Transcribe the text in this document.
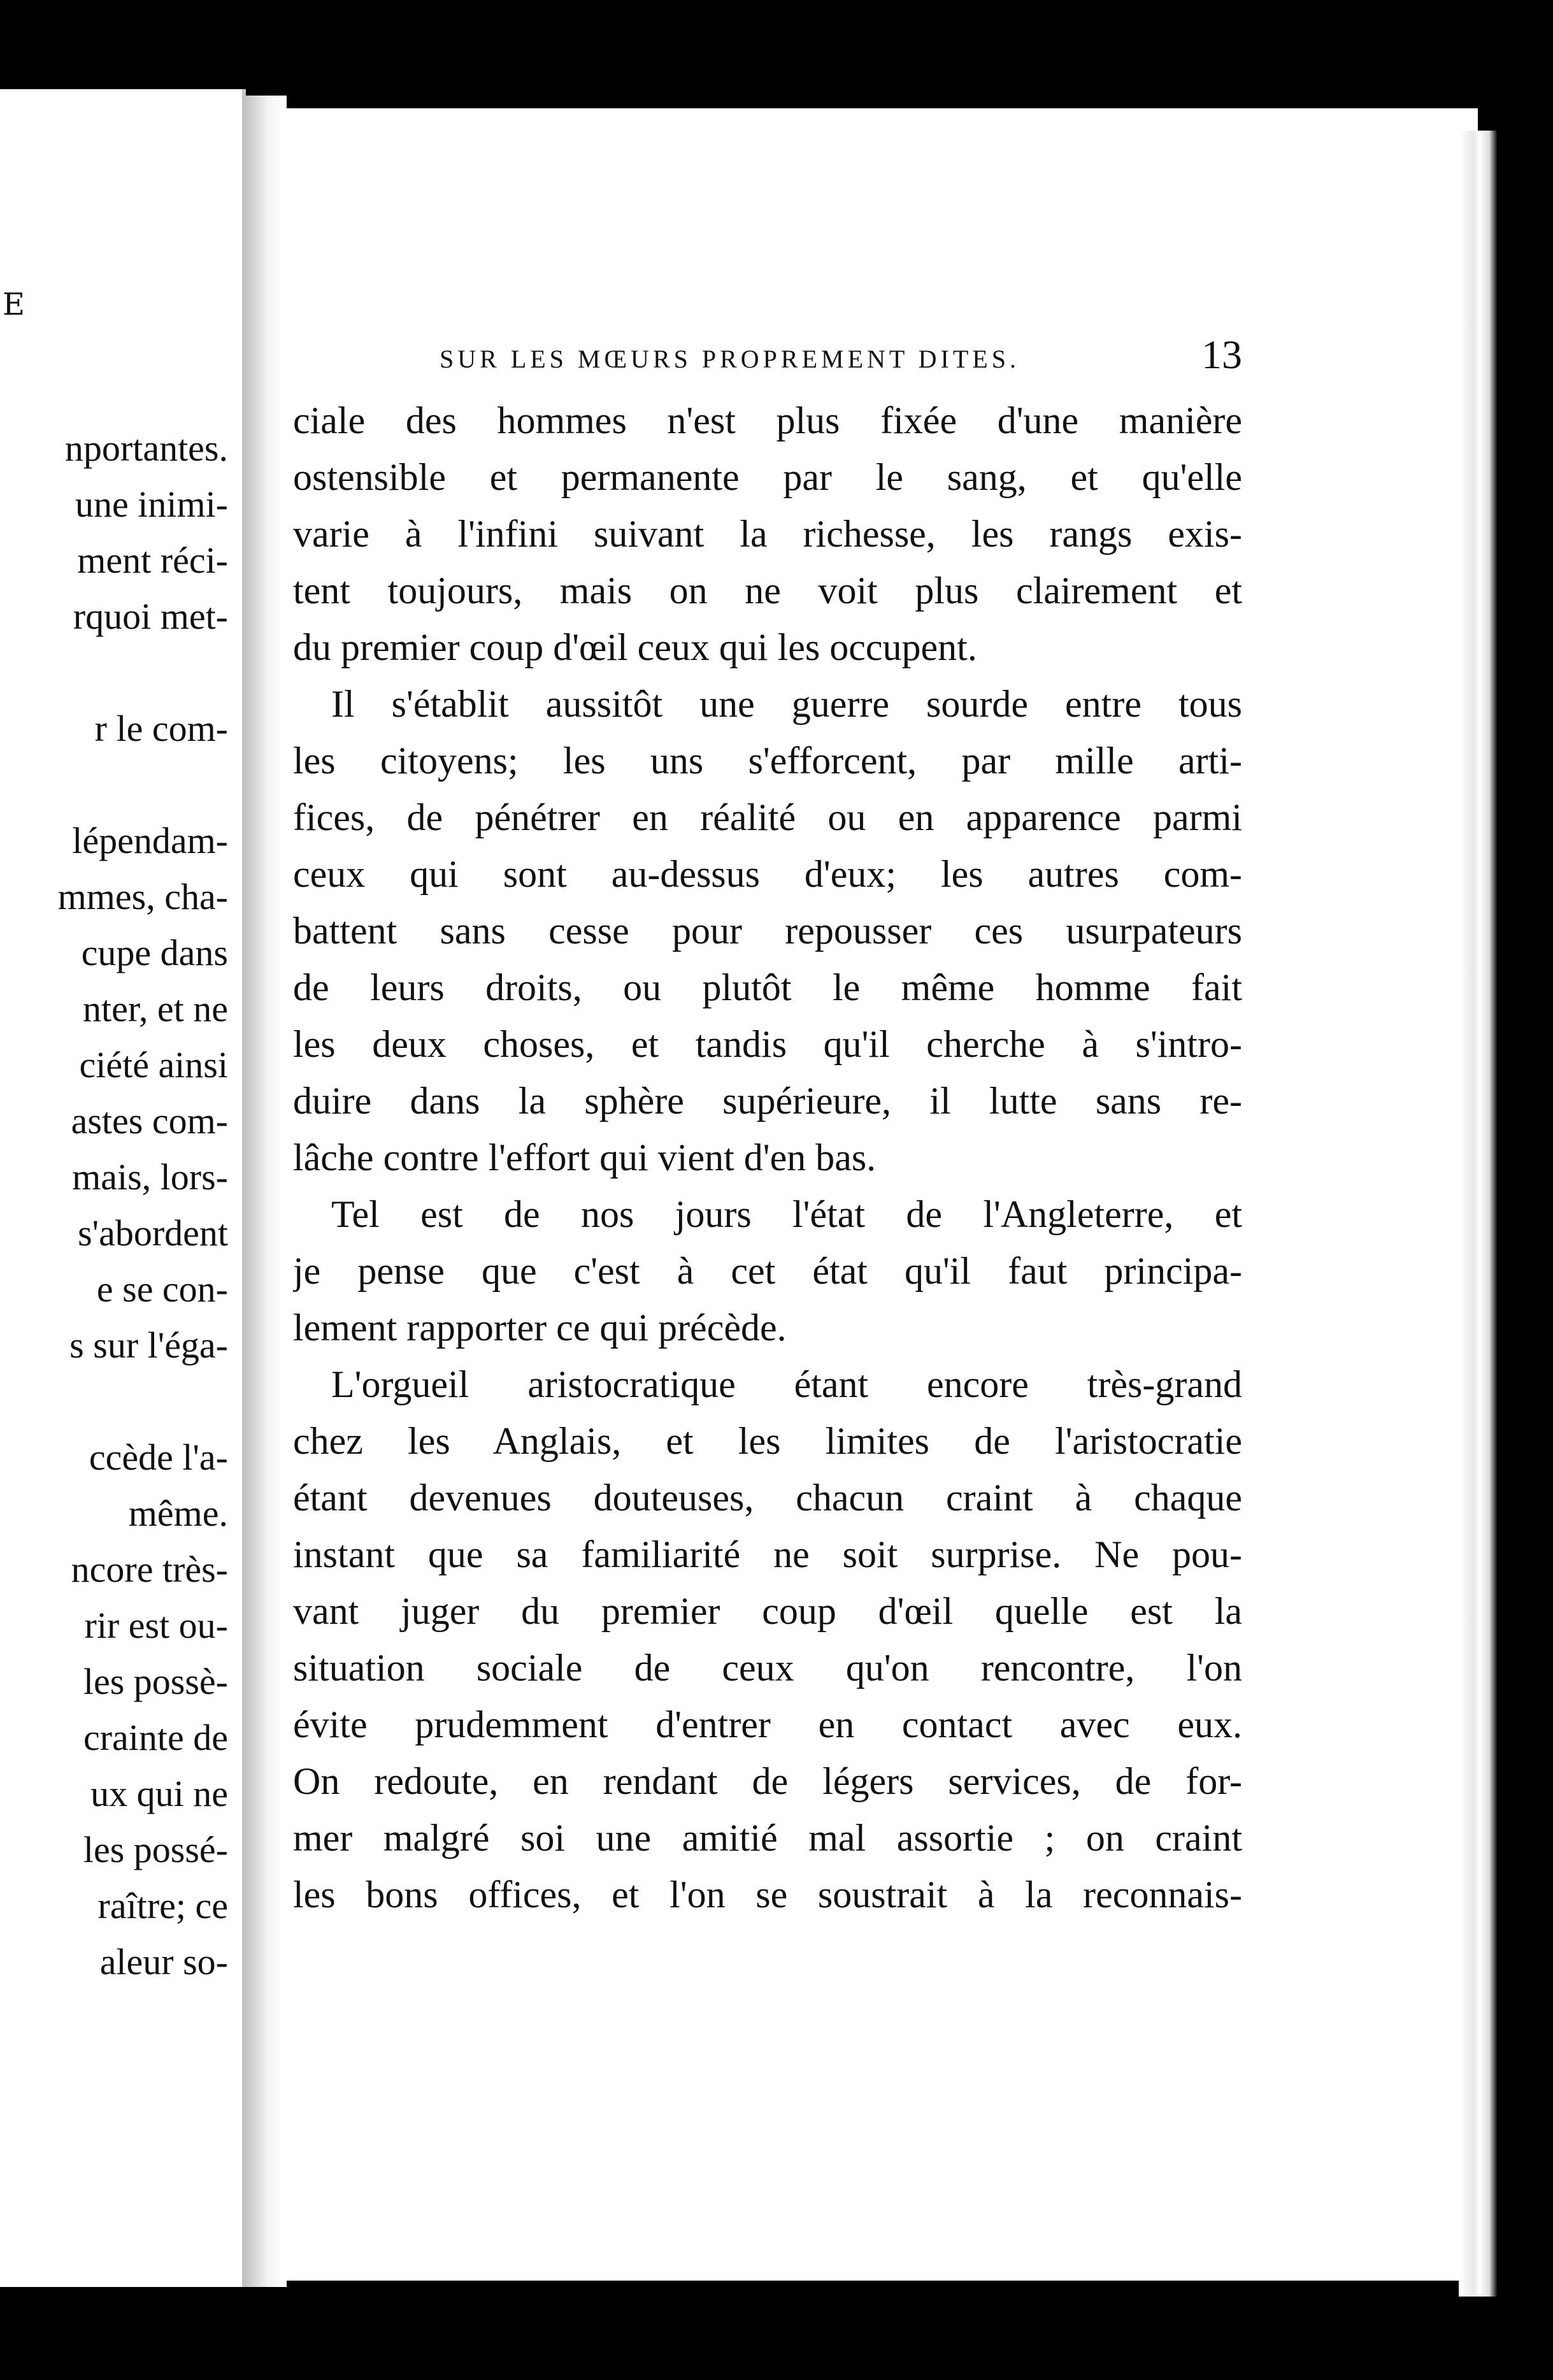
E
nportantes.
une inimi-
ment réci-
rquoi met-
r le com-
lépendam-
mmes, cha-
cupe dans
nter, et ne
ciété ainsi
astes com-
mais, lors-
s'abordent
e se con-
s sur l'éga-
ccède l'a-
même.
ncore très-
rir est ou-
les possè-
crainte de
ux qui ne
les possé-
raître; ce
aleur so-
SUR LES MŒURS PROPREMENT DITES.	13
ciale des hommes n'est plus fixée d'une manière
ostensible et permanente par le sang, et qu'elle
varie à l'infini suivant la richesse, les rangs exis-
tent toujours, mais on ne voit plus clairement et
du premier coup d'œil ceux qui les occupent.
Il s'établit aussitôt une guerre sourde entre tous
les citoyens; les uns s'efforcent, par mille arti-
fices, de pénétrer en réalité ou en apparence parmi
ceux qui sont au-dessus d'eux; les autres com-
battent sans cesse pour repousser ces usurpateurs
de leurs droits, ou plutôt le même homme fait
les deux choses, et tandis qu'il cherche à s'intro-
duire dans la sphère supérieure, il lutte sans re-
lâche contre l'effort qui vient d'en bas.
Tel est de nos jours l'état de l'Angleterre, et
je pense que c'est à cet état qu'il faut principa-
lement rapporter ce qui précède.
L'orgueil aristocratique étant encore très-grand
chez les Anglais, et les limites de l'aristocratie
étant devenues douteuses, chacun craint à chaque
instant que sa familiarité ne soit surprise. Ne pou-
vant juger du premier coup d'œil quelle est la
situation sociale de ceux qu'on rencontre, l'on
évite prudemment d'entrer en contact avec eux.
On redoute, en rendant de légers services, de for-
mer malgré soi une amitié mal assortie ; on craint
les bons offices, et l'on se soustrait à la reconnais-
